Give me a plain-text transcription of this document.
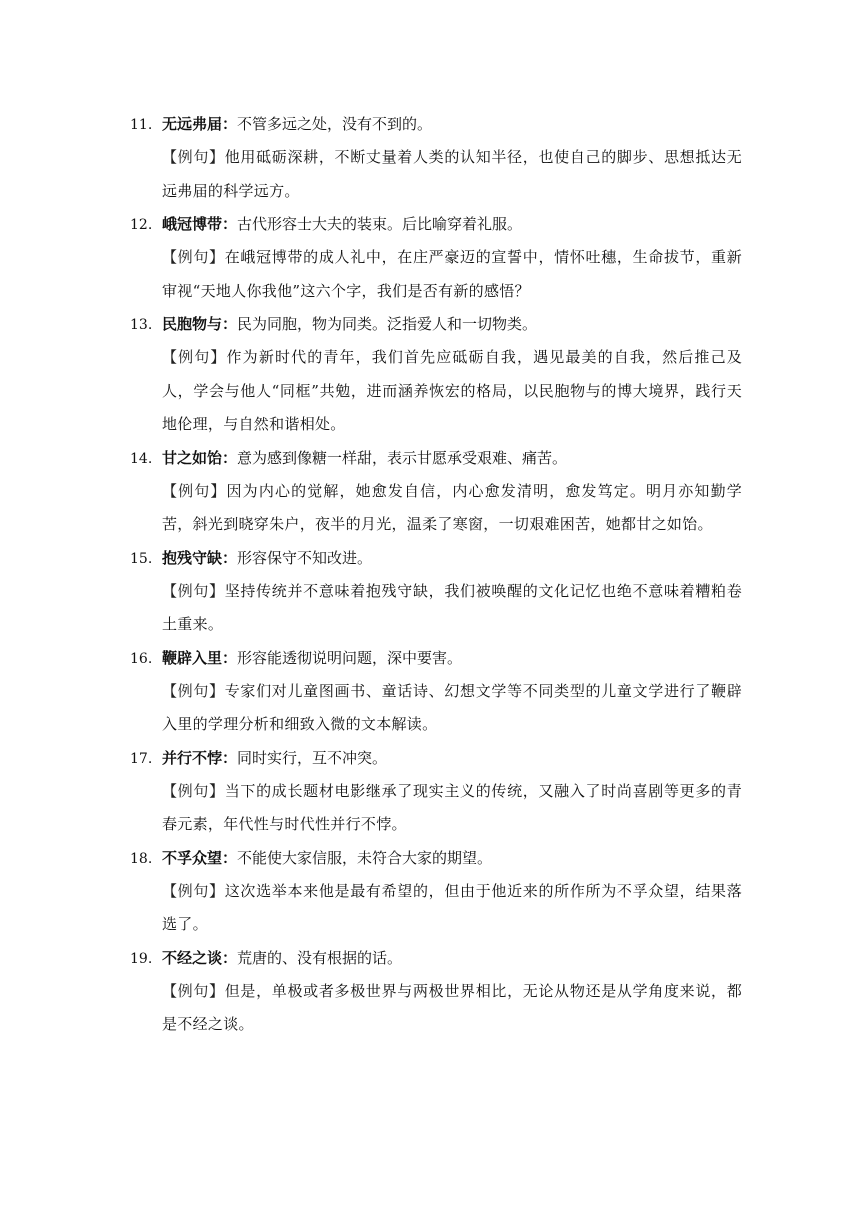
11. 无远弗届 ： 不管多远之处，没有不到的。

【例句】他用砥砺深耕，不断丈量着人类的认知半径，也使自己的脚步、思想抵达无远弗届的科学远方。

12. 峨冠博带 ： 古代形容士大夫的装束。后比喻穿着礼服。

【例句】在峨冠博带的成人礼中，在庄严豪迈的宣誓中，情怀吐穗，生命拔节，重新审视“天地人你我他”这六个字，我们是否有新的感悟？

13. 民胞物与 ： 民为同胞，物为同类。泛指爱人和一切物类。

【例句】作为新时代的青年，我们首先应砥砺自我，遇见最美的自我，然后推己及人，学会与他人“同框”共勉，进而涵养恢宏的格局，以民胞物与的博大境界，践行天地伦理，与自然和谐相处。

14. 甘之如饴 ： 意为感到像糖一样甜，表示甘愿承受艰难、痛苦。

【例句】因为内心的觉解，她愈发自信，内心愈发清明，愈发笃定。明月亦知勤学苦，斜光到晓穿朱户，夜半的月光，温柔了寒窗，一切艰难困苦，她都甘之如饴。

15. 抱残守缺 ： 形容保守不知改进。

【例句】坚持传统并不意味着抱残守缺，我们被唤醒的文化记忆也绝不意味着糟粕卷土重来。

16. 鞭辟入里 ： 形容能透彻说明问题，深中要害。

【例句】专家们对儿童图画书、童话诗、幻想文学等不同类型的儿童文学进行了鞭辟入里的学理分析和细致入微的文本解读。

17. 并行不悖 ： 同时实行，互不冲突。

【例句】当下的成长题材电影继承了现实主义的传统，又融入了时尚喜剧等更多的青春元素，年代性与时代性并行不悖。

18. 不孚众望 ： 不能使大家信服，未符合大家的期望。

【例句】这次选举本来他是最有希望的，但由于他近来的所作所为不孚众望，结果落选了。

19. 不经之谈 ： 荒唐的、没有根据的话。

【例句】但是，单极或者多极世界与两极世界相比，无论从物还是从学角度来说，都是不经之谈。
